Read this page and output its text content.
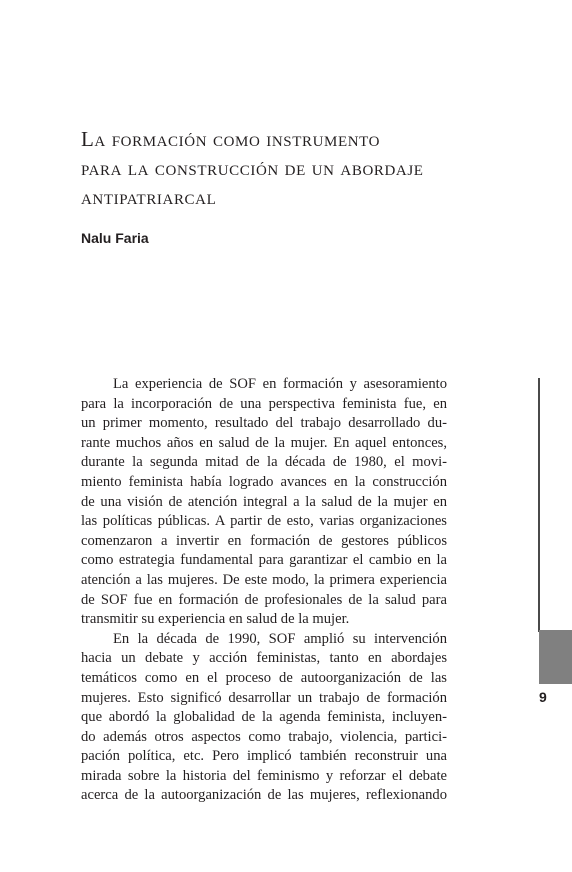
La formación como instrumento
para la construcción de un abordaje
antipatriarcal
Nalu Faria
La experiencia de SOF en formación y asesoramiento
para la incorporación de una perspectiva feminista fue, en
un primer momento, resultado del trabajo desarrollado du-
rante muchos años en salud de la mujer. En aquel entonces,
durante la segunda mitad de la década de 1980, el movi-
miento feminista había logrado avances en la construcción
de una visión de atención integral a la salud de la mujer en
las políticas públicas. A partir de esto, varias organizaciones
comenzaron a invertir en formación de gestores públicos
como estrategia fundamental para garantizar el cambio en la
atención a las mujeres. De este modo, la primera experiencia
de SOF fue en formación de profesionales de la salud para
transmitir su experiencia en salud de la mujer.
En la década de 1990, SOF amplió su intervención
hacia un debate y acción feministas, tanto en abordajes
temáticos como en el proceso de autoorganización de las
mujeres. Esto significó desarrollar un trabajo de formación
que abordó la globalidad de la agenda feminista, incluyen-
do además otros aspectos como trabajo, violencia, partici-
pación política, etc. Pero implicó también reconstruir una
mirada sobre la historia del feminismo y reforzar el debate
acerca de la autoorganización de las mujeres, reflexionando
9
